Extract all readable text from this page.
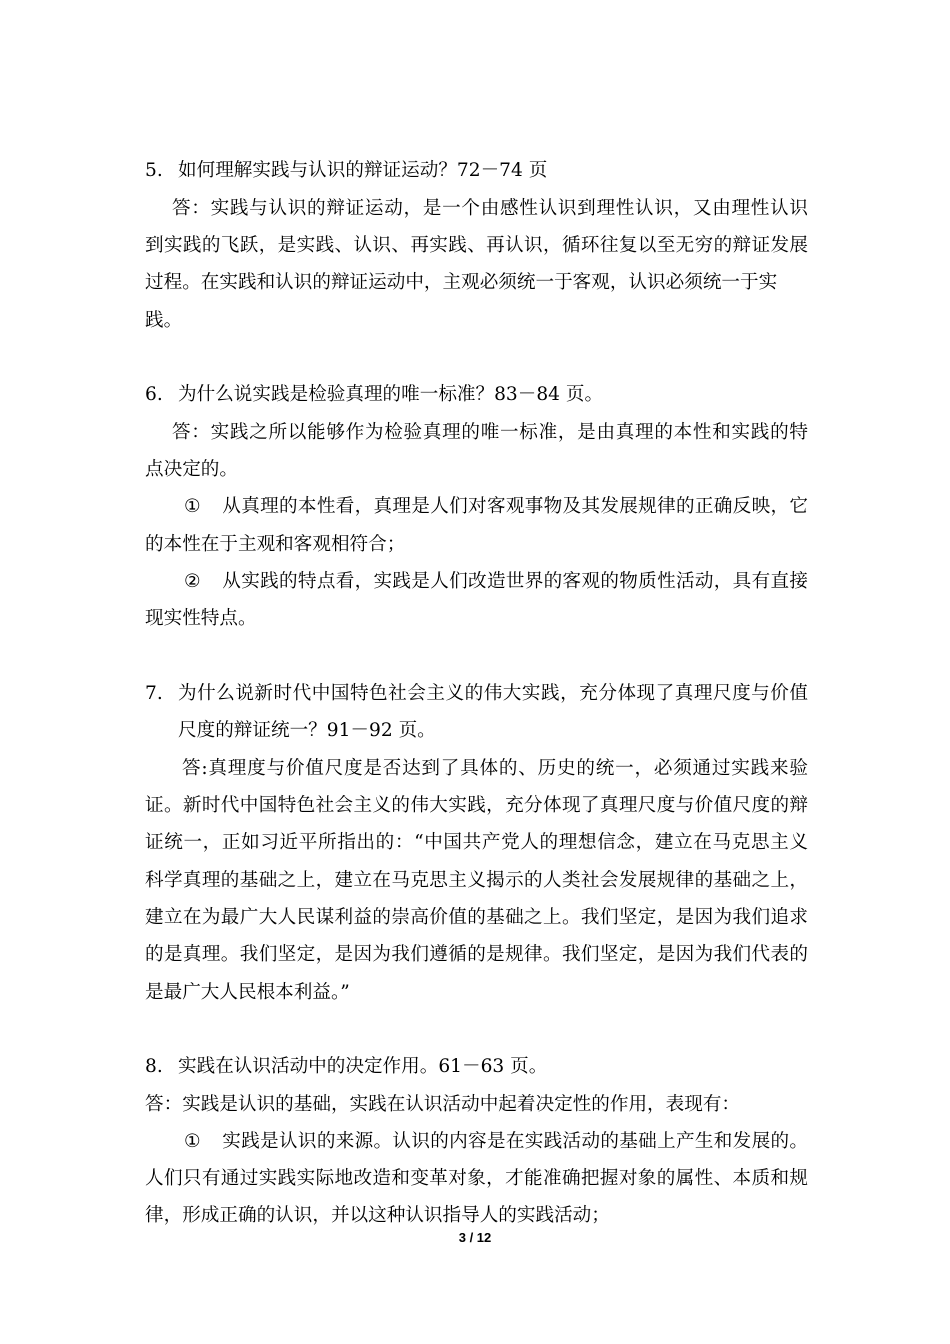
5. 如何理解实践与认识的辩证运动？72－74 页
答：实践与认识的辩证运动，是一个由感性认识到理性认识，又由理性认识
到实践的飞跃，是实践、认识、再实践、再认识，循环往复以至无穷的辩证发展
过程。在实践和认识的辩证运动中，主观必须统一于客观，认识必须统一于实践。
6. 为什么说实践是检验真理的唯一标准？83－84 页。
答：实践之所以能够作为检验真理的唯一标准，是由真理的本性和实践的特
点决定的。
① 从真理的本性看，真理是人们对客观事物及其发展规律的正确反映，它
的本性在于主观和客观相符合；
② 从实践的特点看，实践是人们改造世界的客观的物质性活动，具有直接
现实性特点。
7. 为什么说新时代中国特色社会主义的伟大实践，充分体现了真理尺度与价值
尺度的辩证统一？91－92 页。
答:真理度与价值尺度是否达到了具体的、历史的统一，必须通过实践来验
证。新时代中国特色社会主义的伟大实践，充分体现了真理尺度与价值尺度的辩
证统一，正如习近平所指出的：“中国共产党人的理想信念，建立在马克思主义
科学真理的基础之上，建立在马克思主义揭示的人类社会发展规律的基础之上，
建立在为最广大人民谋利益的崇高价值的基础之上。我们坚定，是因为我们追求
的是真理。我们坚定，是因为我们遵循的是规律。我们坚定，是因为我们代表的
是最广大人民根本利益。”
8. 实践在认识活动中的决定作用。61－63 页。
答：实践是认识的基础，实践在认识活动中起着决定性的作用，表现有：
① 实践是认识的来源。认识的内容是在实践活动的基础上产生和发展的。
人们只有通过实践实际地改造和变革对象，才能准确把握对象的属性、本质和规
律，形成正确的认识，并以这种认识指导人的实践活动；
3 / 12
